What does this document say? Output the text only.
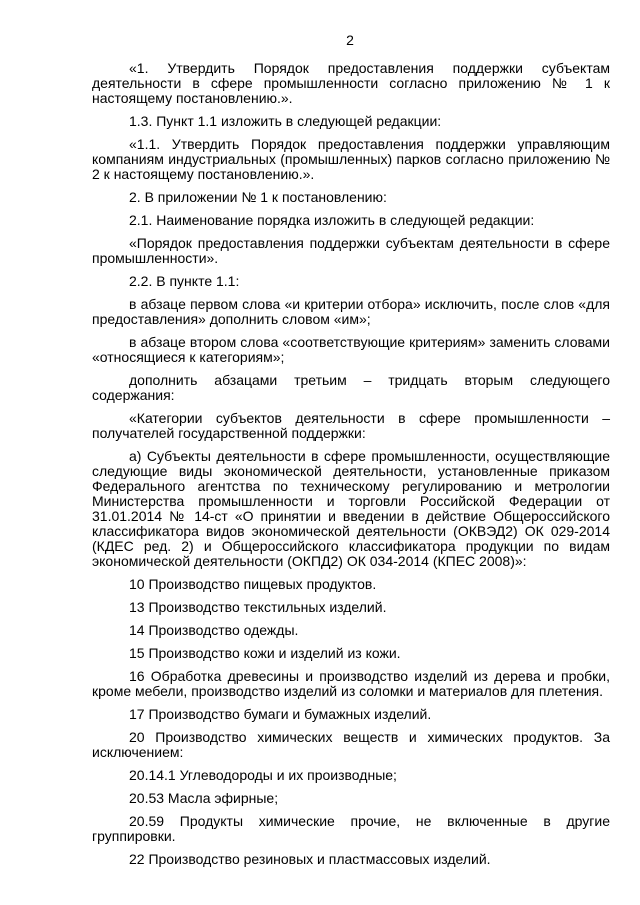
2

«1. Утвердить Порядок предоставления поддержки субъектам деятельности в сфере промышленности согласно приложению № 1 к настоящему постановлению.».

1.3. Пункт 1.1 изложить в следующей редакции:

«1.1. Утвердить Порядок предоставления поддержки управляющим компаниям индустриальных (промышленных) парков согласно приложению № 2 к настоящему постановлению.».

2. В приложении № 1 к постановлению:

2.1. Наименование порядка изложить в следующей редакции:

«Порядок предоставления поддержки субъектам деятельности в сфере промышленности».

2.2. В пункте 1.1:

в абзаце первом слова «и критерии отбора» исключить, после слов «для предоставления» дополнить словом «им»;

в абзаце втором слова «соответствующие критериям» заменить словами «относящиеся к категориям»;

дополнить абзацами третьим – тридцать вторым следующего содержания:

«Категории субъектов деятельности в сфере промышленности – получателей государственной поддержки:

а) Субъекты деятельности в сфере промышленности, осуществляющие следующие виды экономической деятельности, установленные приказом Федерального агентства по техническому регулированию и метрологии Министерства промышленности и торговли Российской Федерации от 31.01.2014 № 14-ст «О принятии и введении в действие Общероссийского классификатора видов экономической деятельности (ОКВЭД2) ОК 029-2014 (КДЕС ред. 2) и Общероссийского классификатора продукции по видам экономической деятельности (ОКПД2) ОК 034-2014 (КПЕС 2008)»:

10 Производство пищевых продуктов.

13 Производство текстильных изделий.

14 Производство одежды.

15 Производство кожи и изделий из кожи.

16 Обработка древесины и производство изделий из дерева и пробки, кроме мебели, производство изделий из соломки и материалов для плетения.

17 Производство бумаги и бумажных изделий.

20 Производство химических веществ и химических продуктов. За исключением:

20.14.1 Углеводороды и их производные;

20.53 Масла эфирные;

20.59 Продукты химические прочие, не включенные в другие группировки.

22 Производство резиновых и пластмассовых изделий.
